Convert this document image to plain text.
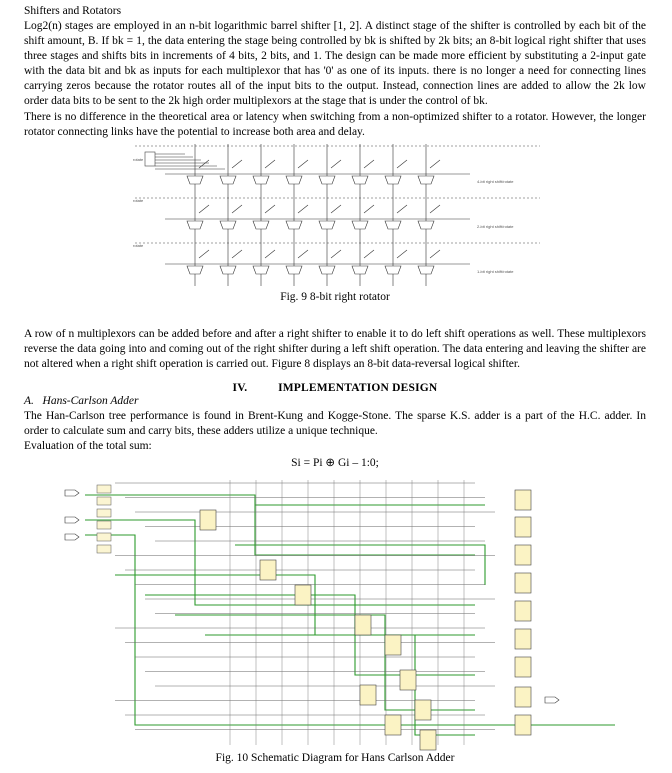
Shifters and Rotators

Log2(n) stages are employed in an n-bit logarithmic barrel shifter [1, 2]. A distinct stage of the shifter is controlled by each bit of the shift amount, B. If bk = 1, the data entering the stage being controlled by bk is shifted by 2k bits; an 8-bit logical right shifter that uses three stages and shifts bits in increments of 4 bits, 2 bits, and 1. The design can be made more efficient by substituting a 2-input gate with the data bit and bk as inputs for each multiplexor that has '0' as one of its inputs. there is no longer a need for connecting lines carrying zeros because the rotator routes all of the input bits to the output. Instead, connection lines are added to allow the 2k low order data bits to be sent to the 2k high order multiplexors at the stage that is under the control of bk.

There is no difference in the theoretical area or latency when switching from a non-optimized shifter to a rotator. However, the longer rotator connecting links have the potential to increase both area and delay.

rotate
rotate
rotate
4-bit right shift/rotate
2-bit right shift/rotate
1-bit right shift/rotate

Fig. 9 8-bit right rotator

A row of n multiplexors can be added before and after a right shifter to enable it to do left shift operations as well. These multiplexors reverse the data going into and coming out of the right shifter during a left shift operation. The data entering and leaving the shifter are not altered when a right shift operation is carried out. Figure 8 displays an 8-bit data-reversal logical shifter.

IV.          IMPLEMENTATION DESIGN

A.   Hans-Carlson Adder

The Han-Carlson tree performance is found in Brent-Kung and Kogge-Stone. The sparse K.S. adder is a part of the H.C. adder. In order to calculate sum and carry bits, these adders utilize a unique technique.

Evaluation of the total sum:

Si = Pi ⊕ Gi – 1:0;

Fig. 10 Schematic Diagram for Hans Carlson Adder
